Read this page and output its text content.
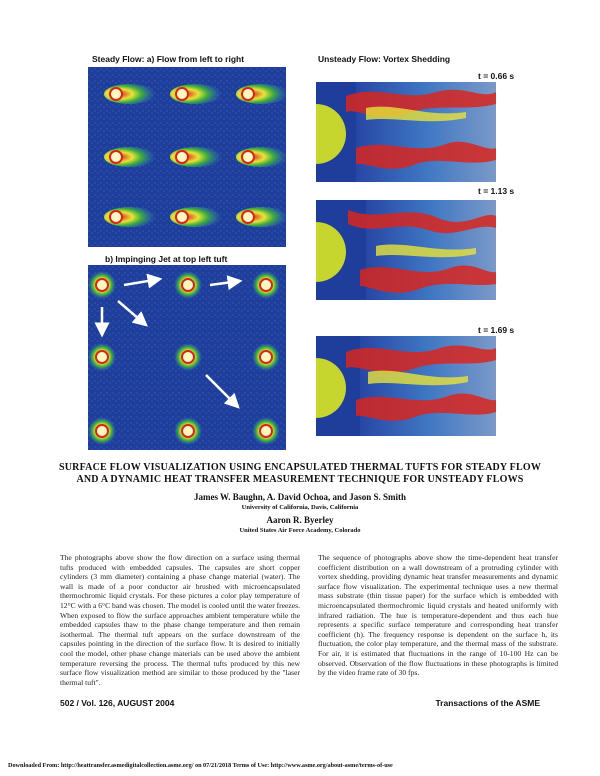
Steady Flow: a) Flow from left to right	Unsteady Flow: Vortex Shedding
t = 0.66 s
t = 1.13 s
t = 1.69 s
b) Impinging Jet at top left tuft
SURFACE FLOW VISUALIZATION USING ENCAPSULATED THERMAL TUFTS FOR STEADY FLOW
AND A DYNAMIC HEAT TRANSFER MEASUREMENT TECHNIQUE FOR UNSTEADY FLOWS
James W. Baughn, A. David Ochoa, and Jason S. Smith
University of California, Davis, California
Aaron R. Byerley
United States Air Force Academy, Colorado
The photographs above show the flow direction on a surface using thermal tufts produced with embedded capsules. The capsules are short copper cylinders (3 mm diameter) containing a phase change material (water). The wall is made of a poor conductor air brushed with microencapsulated thermochromic liquid crystals. For these pictures a color play temperature of 12°C with a 6°C band was chosen. The model is cooled until the water freezes. When exposed to flow the surface approaches ambient temperature while the embedded capsules thaw to the phase change temperature and then remain isothermal. The thermal tuft appears on the surface downstream of the capsules pointing in the direction of the surface flow. It is desired to initially cool the model, other phase change materials can be used above the ambient temperature reversing the process. The thermal tufts produced by this new surface flow visualization method are similar to those produced by the "laser thermal tuft".
The sequence of photographs above show the time-dependent heat transfer coefficient distribution on a wall downstream of a protruding cylinder with vortex shedding, providing dynamic heat transfer measurements and dynamic surface flow visualization. The experimental technique uses a new thermal mass substrate (thin tissue paper) for the surface which is embedded with microencapsulated thermochromic liquid crystals and heated uniformly with infrared radiation. The hue is temperature-dependent and thus each hue represents a specific surface temperature and corresponding heat transfer coefficient (h). The frequency response is dependent on the surface h, its fluctuation, the color play temperature, and the thermal mass of the substrate. For air, it is estimated that fluctuations in the range of 10-100 Hz can be observed. Observation of the flow fluctuations in these photographs is limited by the video frame rate of 30 fps.
502 / Vol. 126, AUGUST 2004	Transactions of the ASME
Downloaded From: http://heattransfer.asmedigitalcollection.asme.org/ on 07/21/2018 Terms of Use: http://www.asme.org/about-asme/terms-of-use
